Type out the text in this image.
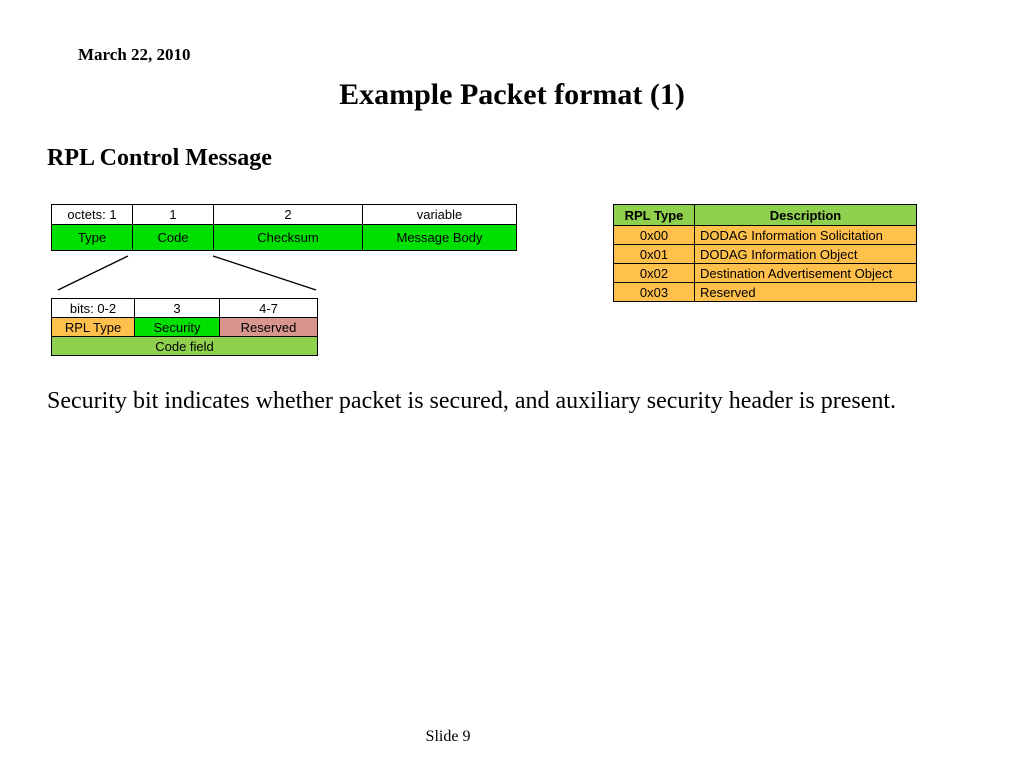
March 22, 2010
Example Packet format (1)
RPL Control Message
octets: 1	1	2	variable
Type	Code	Checksum	Message Body
bits: 0-2	3	4-7
RPL Type	Security	Reserved
Code field		
RPL Type	Description
0x00	DODAG Information Solicitation
0x01	DODAG Information Object
0x02	Destination Advertisement Object
0x03	Reserved
Security bit indicates whether packet is secured, and auxiliary security header is present.
Slide 9
